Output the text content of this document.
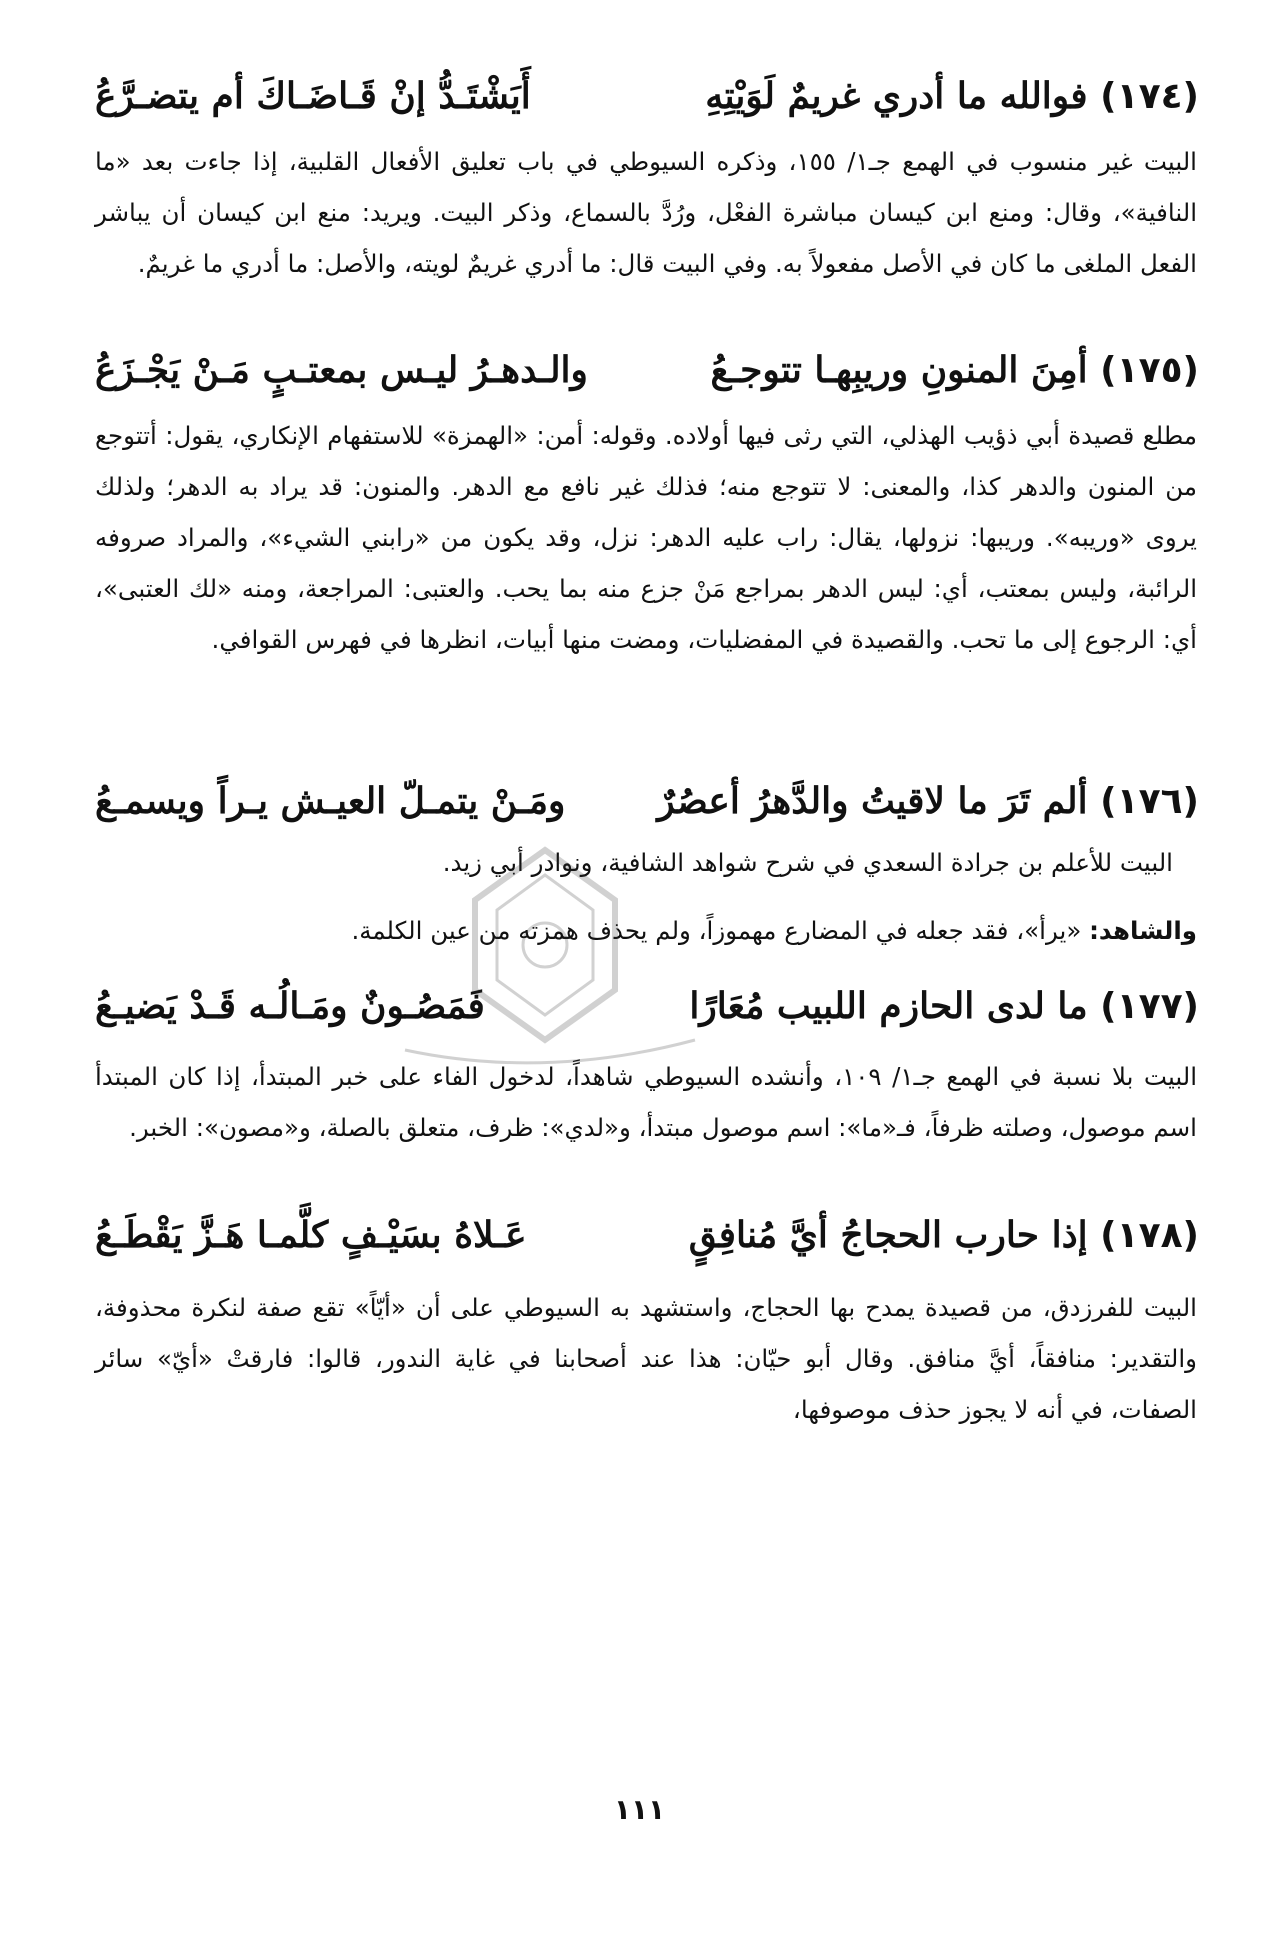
(١٧٤) فوالله ما أدري غريمٌ لَوَيْتِهِ
أَيَشْتَـدُّ إنْ قَـاضَـاكَ أم يتضـرَّعُ
البيت غير منسوب في الهمع جـ١/ ١٥٥، وذكره السيوطي في باب تعليق الأفعال القلبية، إذا جاءت بعد «ما النافية»، وقال: ومنع ابن كيسان مباشرة الفعْل، ورُدَّ بالسماع، وذكر البيت. ويريد: منع ابن كيسان أن يباشر الفعل الملغى ما كان في الأصل مفعولاً به. وفي البيت قال: ما أدري غريمٌ لويته، والأصل: ما أدري ما غريمٌ.
(١٧٥) أمِنَ المنونِ وريبِهـا تتوجـعُ
والـدهـرُ ليـس بمعتـبٍ مَـنْ يَجْـزَعُ
مطلع قصيدة أبي ذؤيب الهذلي، التي رثى فيها أولاده. وقوله: أمن: «الهمزة» للاستفهام الإنكاري، يقول: أتتوجع من المنون والدهر كذا، والمعنى: لا تتوجع منه؛ فذلك غير نافع مع الدهر. والمنون: قد يراد به الدهر؛ ولذلك يروى «وريبه». وريبها: نزولها، يقال: راب عليه الدهر: نزل، وقد يكون من «رابني الشيء»، والمراد صروفه الرائبة، وليس بمعتب، أي: ليس الدهر بمراجع مَنْ جزع منه بما يحب. والعتبى: المراجعة، ومنه «لك العتبى»، أي: الرجوع إلى ما تحب. والقصيدة في المفضليات، ومضت منها أبيات، انظرها في فهرس القوافي.
(١٧٦) ألم تَرَ ما لاقيتُ والدَّهرُ أعصُرٌ
ومَـنْ يتمـلّ العيـش يـراً ويسمـعُ
البيت للأعلم بن جرادة السعدي في شرح شواهد الشافية، ونوادر أبي زيد.
والشاهد: «يرأ»، فقد جعله في المضارع مهموزاً، ولم يحذف همزته من عين الكلمة.
(١٧٧) ما لدى الحازم اللبيب مُعَارًا
فَمَصُـونٌ ومَـالُـه قَـدْ يَضيـعُ
البيت بلا نسبة في الهمع جـ١/ ١٠٩، وأنشده السيوطي شاهداً، لدخول الفاء على خبر المبتدأ، إذا كان المبتدأ اسم موصول، وصلته ظرفاً، فـ«ما»: اسم موصول مبتدأ، و«لدي»: ظرف، متعلق بالصلة، و«مصون»: الخبر.
(١٧٨) إذا حارب الحجاجُ أيَّ مُنافِقٍ
عَـلاهُ بسَيْـفٍ كلَّمـا هَـزَّ يَقْطَـعُ
البيت للفرزدق، من قصيدة يمدح بها الحجاج، واستشهد به السيوطي على أن «أيّاً» تقع صفة لنكرة محذوفة، والتقدير: منافقاً، أيَّ منافق. وقال أبو حيّان: هذا عند أصحابنا في غاية الندور، قالوا: فارقتْ «أيّ» سائر الصفات، في أنه لا يجوز حذف موصوفها،
١١١
